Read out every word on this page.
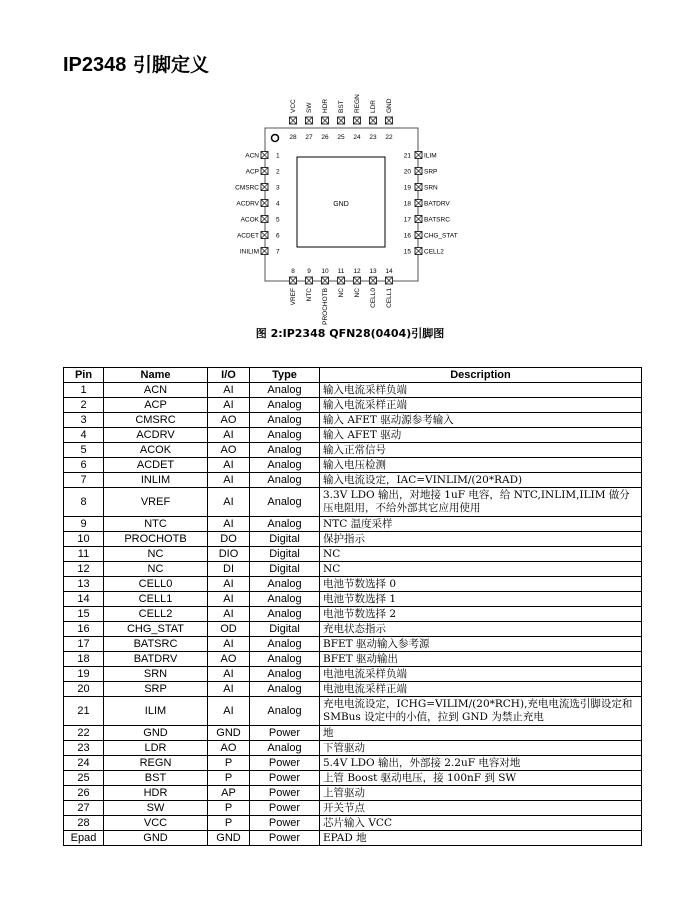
IP2348 引脚定义
GND
VCC
28
SW
27
HDR
26
BST
25
REGN
24
LDR
23
GND
22
ACN	1
ACP	2
CMSRC	3
ACDRV	4
ACOK	5
ACDET	6
INILIM	7
ILIM
21
SRP
20
SRN
19
BATDRV
18
BATSRC
17
CHG_STAT
16
CELL2
15
8
VREF
9
NTC
10
PROCHOTB
11
NC
12
NC
13
CELL0
14
CELL1
图 2:IP2348 QFN28(0404)引脚图
Pin	Name	I/O	Type	Description
1	ACN	AI	Analog	输入电流采样负端
2	ACP	AI	Analog	输入电流采样正端
3	CMSRC	AO	Analog	输入 AFET 驱动源参考输入
4	ACDRV	AI	Analog	输入 AFET 驱动
5	ACOK	AO	Analog	输入正常信号
6	ACDET	AI	Analog	输入电压检测
7	INLIM	AI	Analog	输入电流设定，IAC=VINLIM/(20*RAD)
8	VREF	AI	Analog	3.3V LDO 输出，对地接 1uF 电容，给 NTC,INLIM,ILIM 做分压电阻用，不给外部其它应用使用
9	NTC	AI	Analog	NTC 温度采样
10	PROCHOTB	DO	Digital	保护指示
11	NC	DIO	Digital	NC
12	NC	DI	Digital	NC
13	CELL0	AI	Analog	电池节数选择 0
14	CELL1	AI	Analog	电池节数选择 1
15	CELL2	AI	Analog	电池节数选择 2
16	CHG_STAT	OD	Digital	充电状态指示
17	BATSRC	AI	Analog	BFET 驱动输入参考源
18	BATDRV	AO	Analog	BFET 驱动输出
19	SRN	AI	Analog	电池电流采样负端
20	SRP	AI	Analog	电池电流采样正端
21	ILIM	AI	Analog	充电电流设定，ICHG=VILIM/(20*RCH),充电电流选引脚设定和 SMBus 设定中的小值，拉到 GND 为禁止充电
22	GND	GND	Power	地
23	LDR	AO	Analog	下管驱动
24	REGN	P	Power	5.4V LDO 输出，外部接 2.2uF 电容对地
25	BST	P	Power	上管 Boost 驱动电压，接 100nF 到 SW
26	HDR	AP	Power	上管驱动
27	SW	P	Power	开关节点
28	VCC	P	Power	芯片输入 VCC
Epad	GND	GND	Power	EPAD 地
